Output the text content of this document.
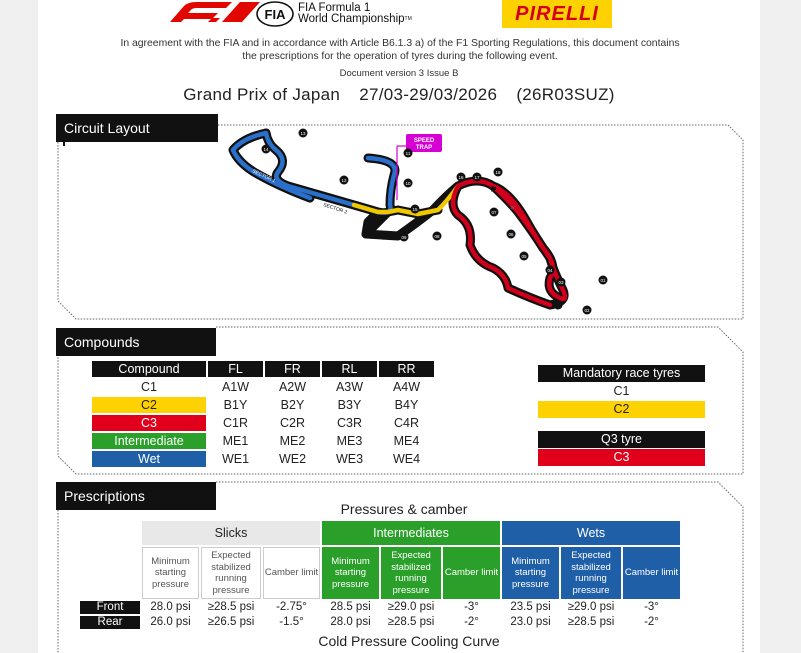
FIA FIA Formula 1
World ChampionshipTM	PIRELLI
In agreement with the FIA and in accordance with Article B6.1.3 a) of the F1 Sporting Regulations, this document contains
the prescriptions for the operation of tyres during the following event.
Document version 3 Issue B
Grand Prix of Japan 27/03-29/03/2026 (26R03SUZ)
Circuit Layout
Compounds
Prescriptions
SPEED
TRAP
SECTOR 2
SECTOR 1
⚑
»
01
02
03
04
05
06
07
08
09
10
11
12
13
14
15
16 17
18
Compound	FL	FR	RL	RR
C1	A1W	A2W	A3W	A4W
C2	B1Y	B2Y	B3Y	B4Y
C3	C1R	C2R	C3R	C4R
Intermediate	ME1	ME2	ME3	ME4
Wet	WE1	WE2	WE3	WE4
Mandatory race tyres
C1
C2
Q3 tyre
C3
Pressures & camber
	Slicks			Intermediates			Wets		
	Minimum starting pressure	Expected stabilized running pressure	Camber limit	Minimum starting pressure	Expected stabilized running pressure	Camber limit	Minimum starting pressure	Expected stabilized running pressure	Camber limit
Front	28.0 psi	≥28.5 psi	-2.75°	28.5 psi	≥29.0 psi	-3°	23.5 psi	≥29.0 psi	-3°
Rear	26.0 psi	≥26.5 psi	-1.5°	28.0 psi	≥28.5 psi	-2°	23.0 psi	≥28.5 psi	-2°
Cold Pressure Cooling Curve
